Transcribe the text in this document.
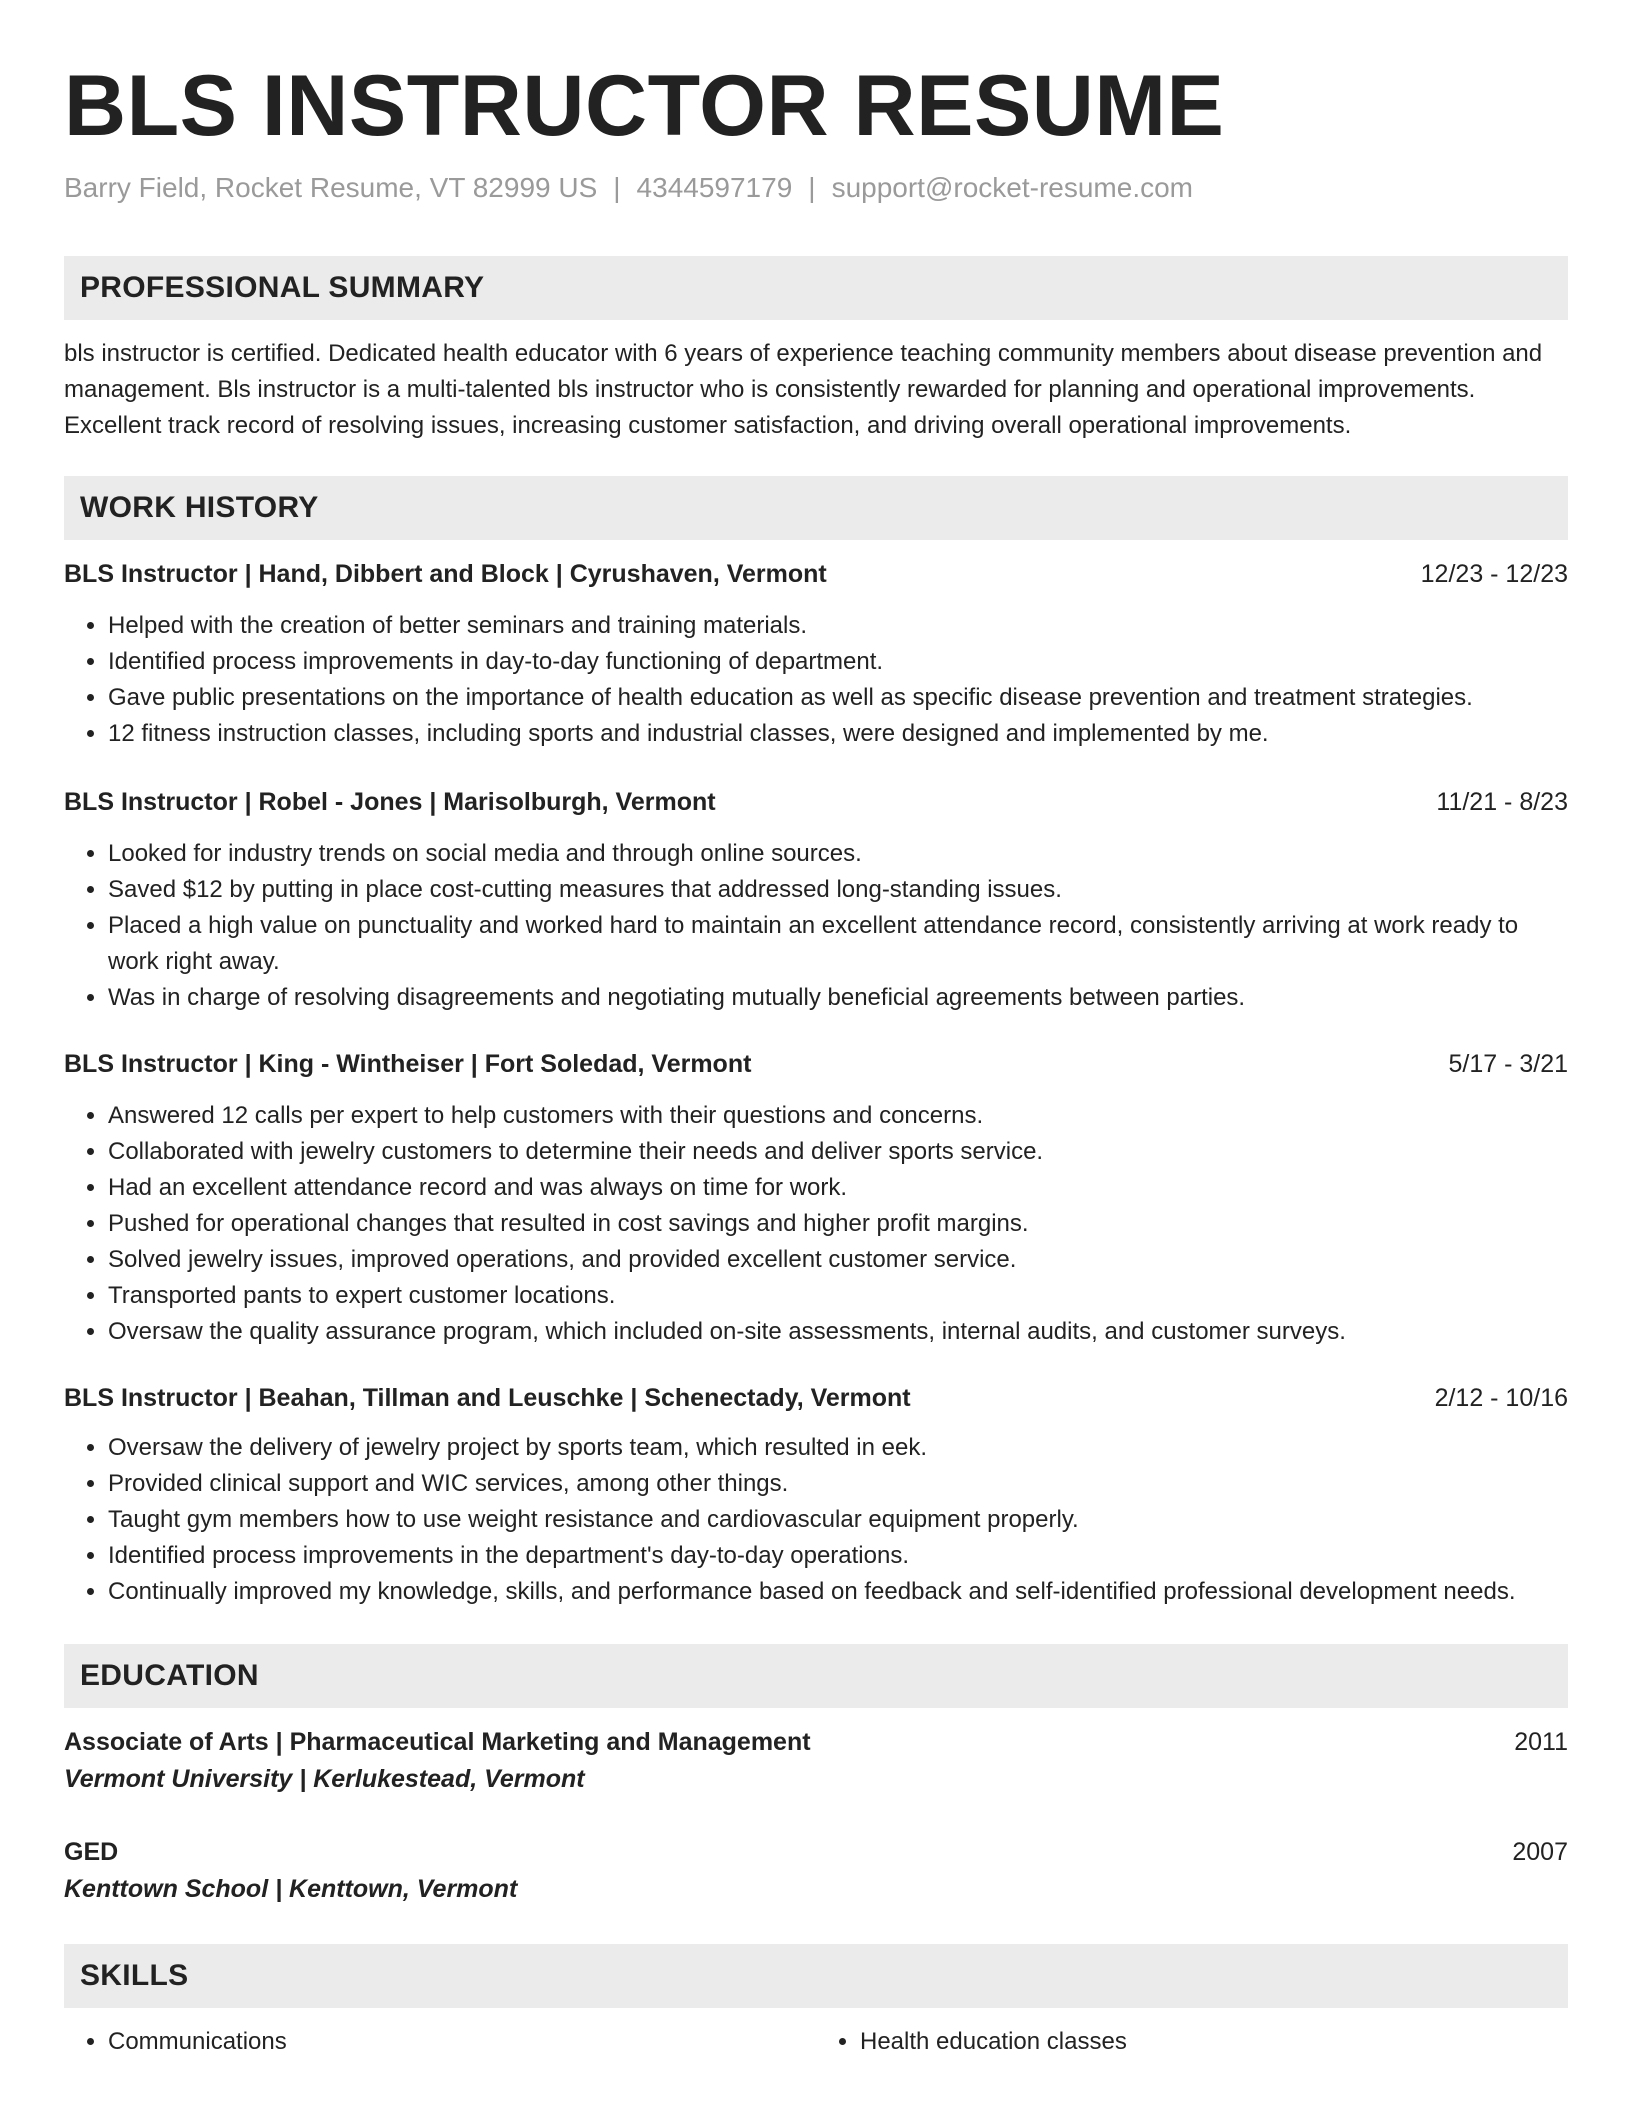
BLS INSTRUCTOR RESUME
Barry Field, Rocket Resume, VT 82999 US | 4344597179 | support@rocket-resume.com
PROFESSIONAL SUMMARY

bls instructor is certified. Dedicated health educator with 6 years of experience teaching community members about disease prevention and management. Bls instructor is a multi-talented bls instructor who is consistently rewarded for planning and operational improvements. Excellent track record of resolving issues, increasing customer satisfaction, and driving overall operational improvements.

WORK HISTORY
BLS Instructor | Hand, Dibbert and Block | Cyrushaven, Vermont	12/23 - 12/23
• Helped with the creation of better seminars and training materials.
• Identified process improvements in day-to-day functioning of department.
• Gave public presentations on the importance of health education as well as specific disease prevention and treatment strategies.
• 12 fitness instruction classes, including sports and industrial classes, were designed and implemented by me.
BLS Instructor | Robel - Jones | Marisolburgh, Vermont	11/21 - 8/23
• Looked for industry trends on social media and through online sources.
• Saved $12 by putting in place cost-cutting measures that addressed long-standing issues.
• Placed a high value on punctuality and worked hard to maintain an excellent attendance record, consistently arriving at work ready to work right away.
• Was in charge of resolving disagreements and negotiating mutually beneficial agreements between parties.
BLS Instructor | King - Wintheiser | Fort Soledad, Vermont	5/17 - 3/21
• Answered 12 calls per expert to help customers with their questions and concerns.
• Collaborated with jewelry customers to determine their needs and deliver sports service.
• Had an excellent attendance record and was always on time for work.
• Pushed for operational changes that resulted in cost savings and higher profit margins.
• Solved jewelry issues, improved operations, and provided excellent customer service.
• Transported pants to expert customer locations.
• Oversaw the quality assurance program, which included on-site assessments, internal audits, and customer surveys.
BLS Instructor | Beahan, Tillman and Leuschke | Schenectady, Vermont	2/12 - 10/16
• Oversaw the delivery of jewelry project by sports team, which resulted in eek.
• Provided clinical support and WIC services, among other things.
• Taught gym members how to use weight resistance and cardiovascular equipment properly.
• Identified process improvements in the department's day-to-day operations.
• Continually improved my knowledge, skills, and performance based on feedback and self-identified professional development needs.
EDUCATION
Associate of Arts | Pharmaceutical Marketing and Management	2011
Vermont University | Kerlukestead, Vermont
GED	2007
Kenttown School | Kenttown, Vermont
SKILLS
• Communications
•	Health education classes
